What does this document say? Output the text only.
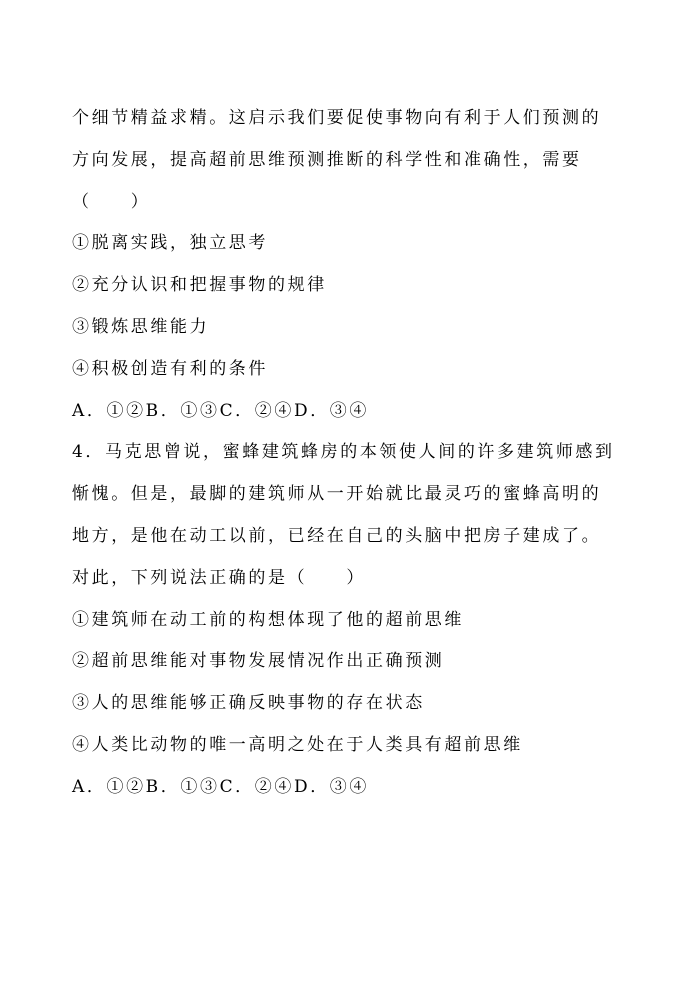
个细节精益求精。这启示我们要促使事物向有利于人们预测的
方向发展，提高超前思维预测推断的科学性和准确性，需要
（　　）
①脱离实践，独立思考
②充分认识和把握事物的规律
③锻炼思维能力
④积极创造有利的条件
A．①②B．①③C．②④D．③④
4．马克思曾说，蜜蜂建筑蜂房的本领使人间的许多建筑师感到
惭愧。但是，最脚的建筑师从一开始就比最灵巧的蜜蜂高明的
地方，是他在动工以前，已经在自己的头脑中把房子建成了。
对此，下列说法正确的是（　　）
①建筑师在动工前的构想体现了他的超前思维
②超前思维能对事物发展情况作出正确预测
③人的思维能够正确反映事物的存在状态
④人类比动物的唯一高明之处在于人类具有超前思维
A．①②B．①③C．②④D．③④
